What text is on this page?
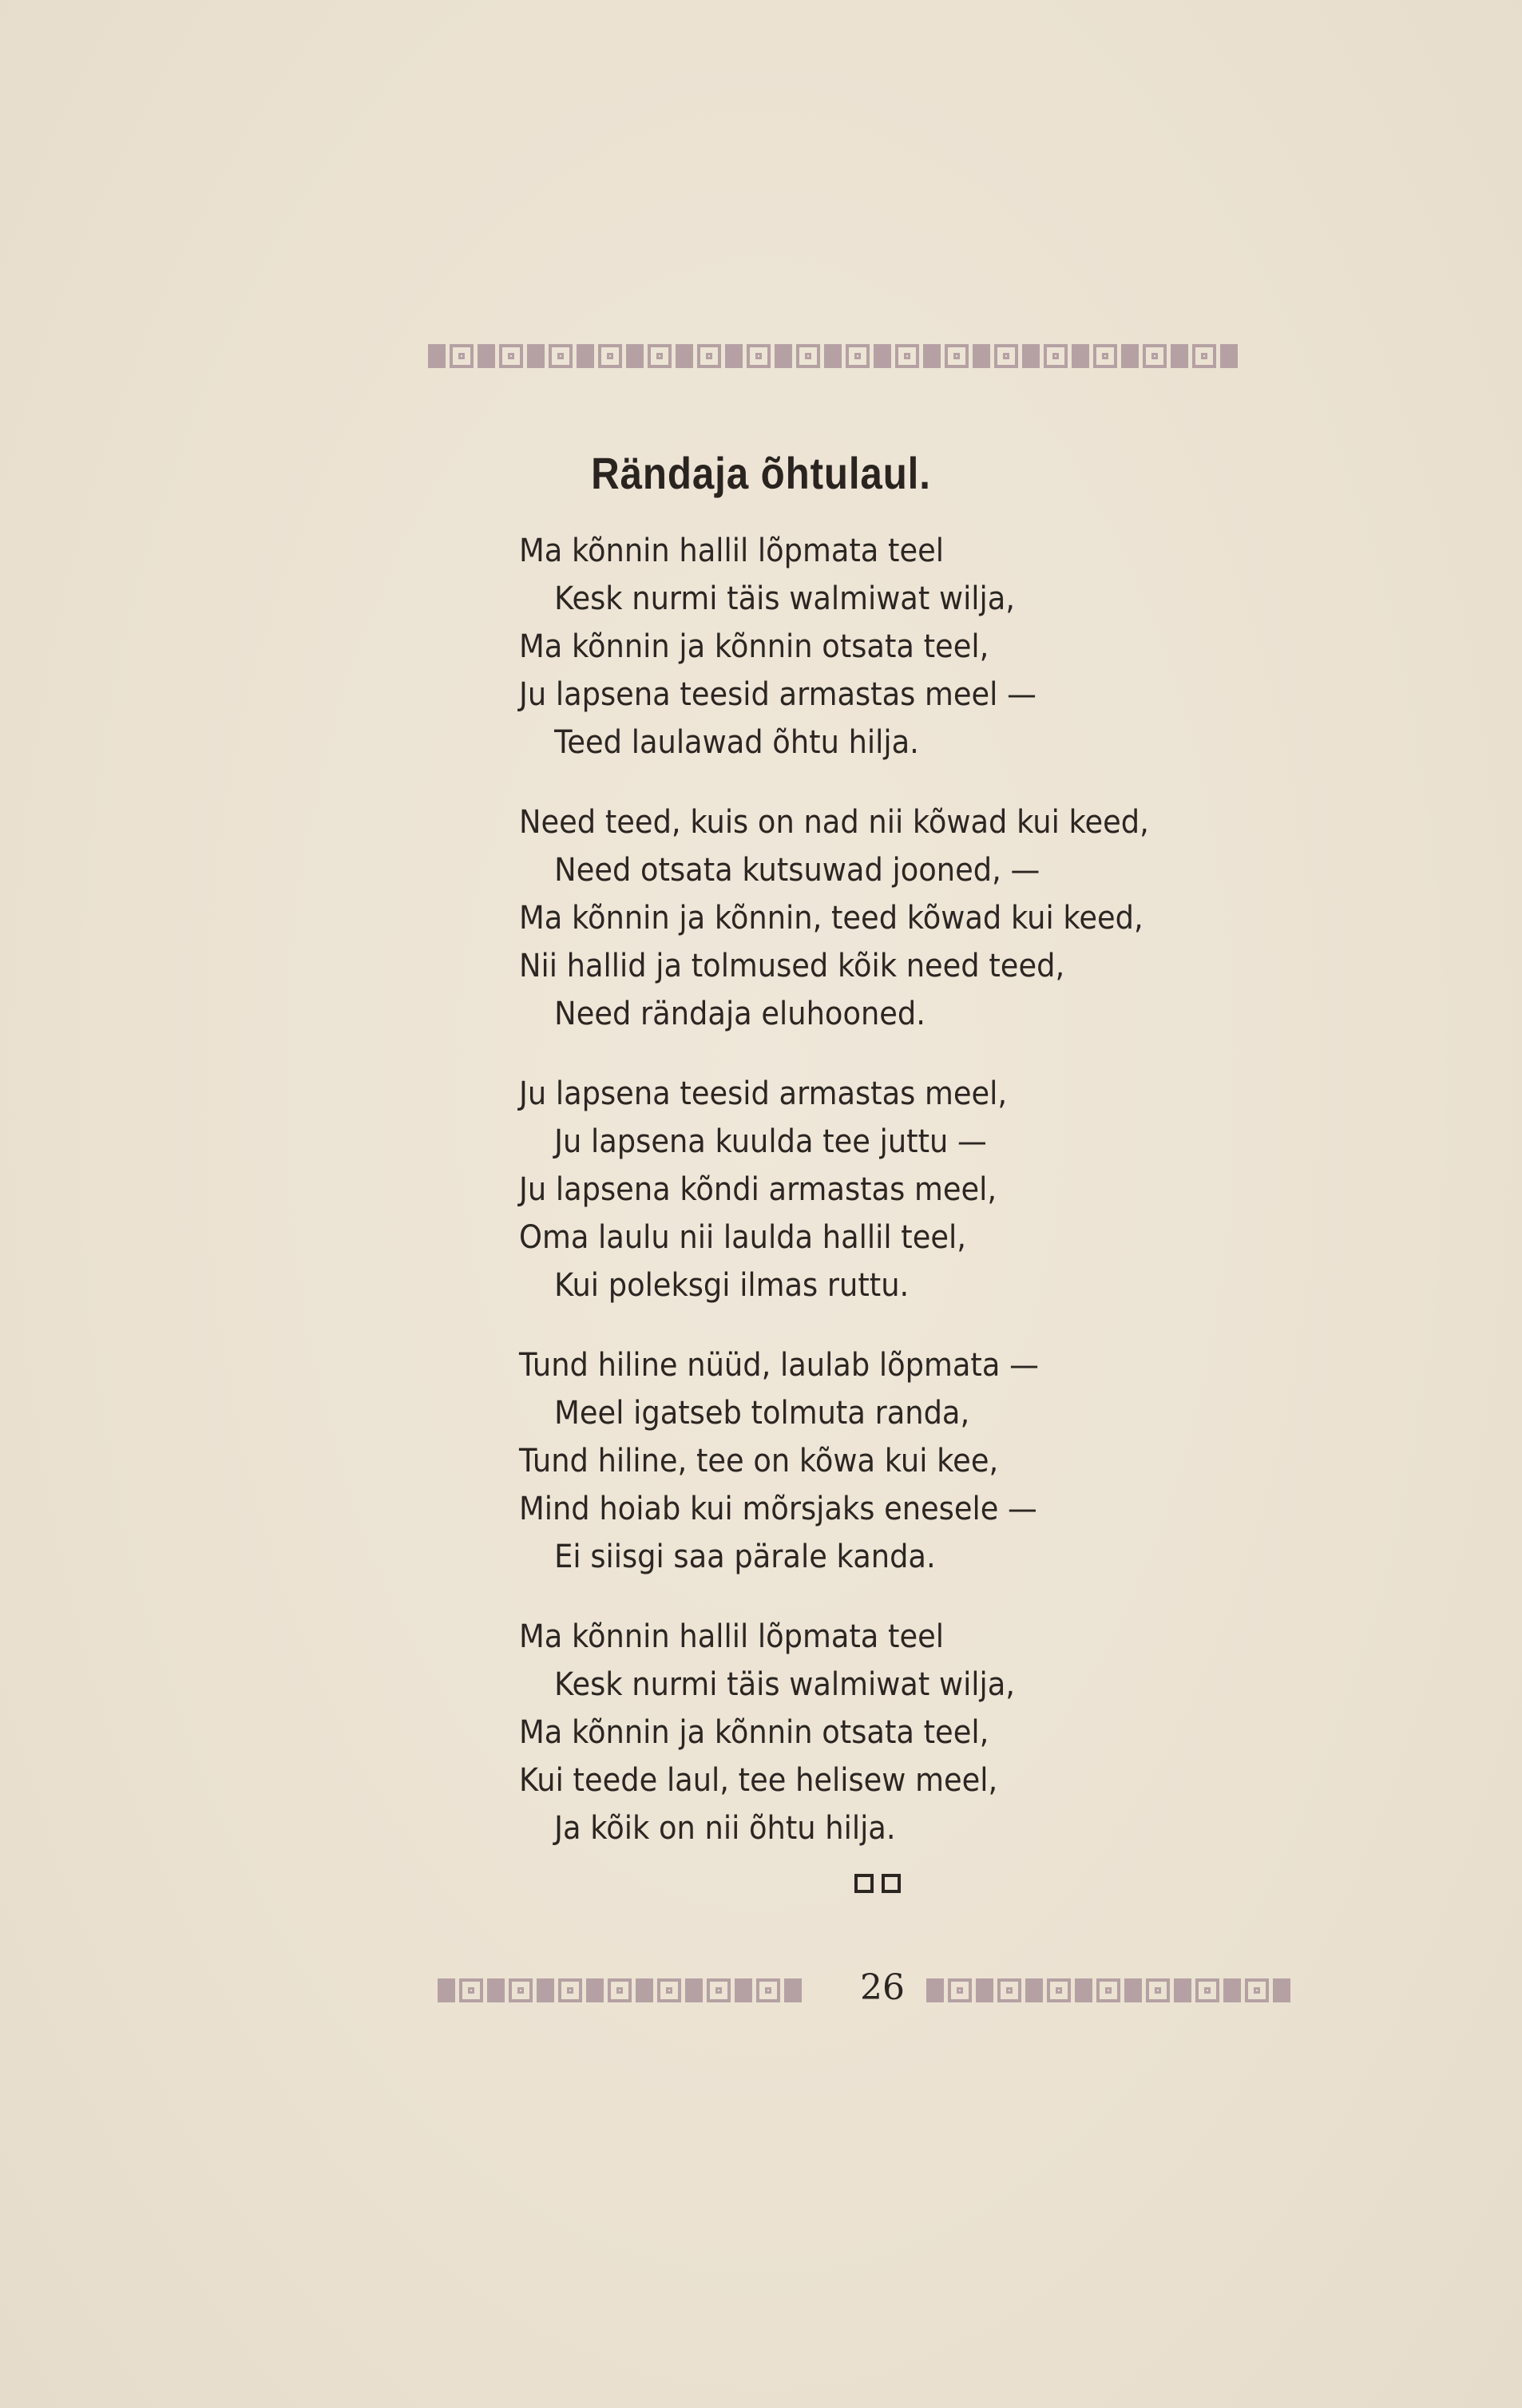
Rändaja õhtulaul.
Ma kõnnin hallil lõpmata teel
Kesk nurmi täis walmiwat wilja,
Ma kõnnin ja kõnnin otsata teel,
Ju lapsena teesid armastas meel —
Teed laulawad õhtu hilja.
Need teed, kuis on nad nii kõwad kui keed,
Need otsata kutsuwad jooned, —
Ma kõnnin ja kõnnin, teed kõwad kui keed,
Nii hallid ja tolmused kõik need teed,
Need rändaja eluhooned.
Ju lapsena teesid armastas meel,
Ju lapsena kuulda tee juttu —
Ju lapsena kõndi armastas meel,
Oma laulu nii laulda hallil teel,
Kui poleksgi ilmas ruttu.
Tund hiline nüüd, laulab lõpmata —
Meel igatseb tolmuta randa,
Tund hiline, tee on kõwa kui kee,
Mind hoiab kui mõrsjaks enesele —
Ei siisgi saa pärale kanda.
Ma kõnnin hallil lõpmata teel
Kesk nurmi täis walmiwat wilja,
Ma kõnnin ja kõnnin otsata teel,
Kui teede laul, tee helisew meel,
Ja kõik on nii õhtu hilja.
26
